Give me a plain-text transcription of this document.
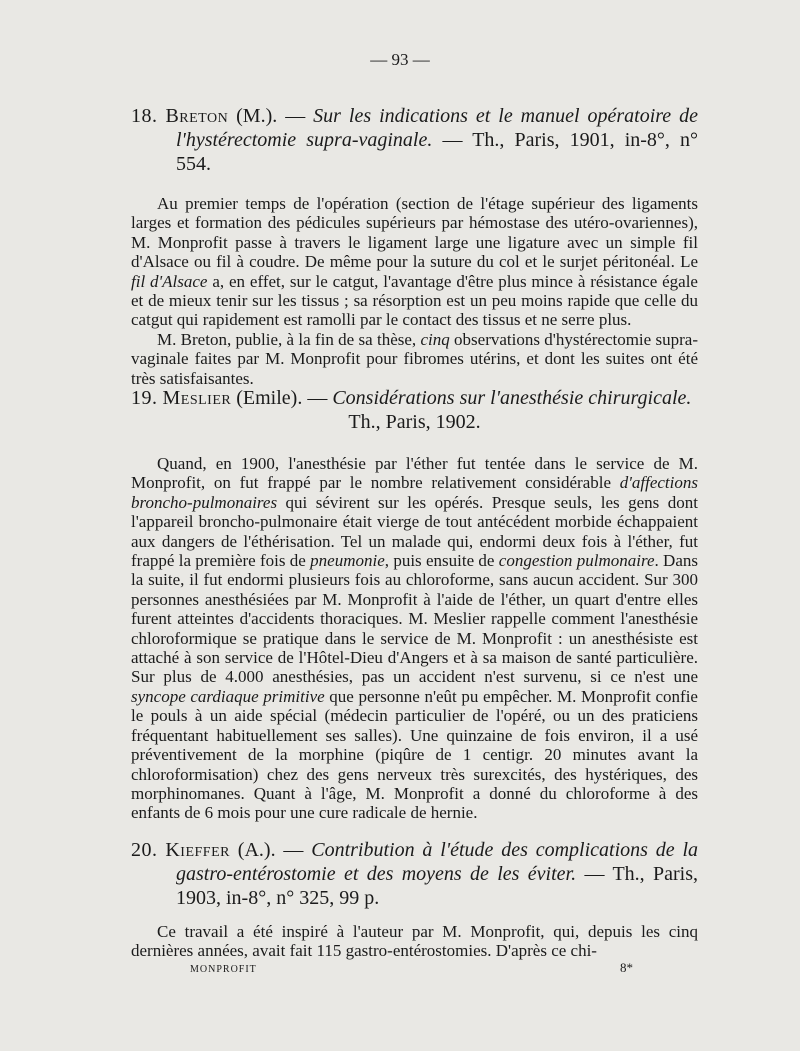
— 93 —
18. Breton (M.). — Sur les indications et le manuel opératoire de l'hystérectomie supra-vaginale. — Th., Paris, 1901, in-8°, n° 554.

Au premier temps de l'opération (section de l'étage supérieur des ligaments larges et formation des pédicules supérieurs par hémostase des utéro-ovariennes), M. Monprofit passe à travers le ligament large une ligature avec un simple fil d'Alsace ou fil à coudre. De même pour la suture du col et le surjet péritonéal. Le fil d'Alsace a, en effet, sur le catgut, l'avantage d'être plus mince à résistance égale et de mieux tenir sur les tissus ; sa résorption est un peu moins rapide que celle du catgut qui rapidement est ramolli par le contact des tissus et ne serre plus.

M. Breton, publie, à la fin de sa thèse, cinq observations d'hystérectomie supra-vaginale faites par M. Monprofit pour fibromes utérins, et dont les suites ont été très satisfaisantes.

19. Meslier (Emile). — Considérations sur l'anesthésie chirurgicale.
Th., Paris, 1902.

Quand, en 1900, l'anesthésie par l'éther fut tentée dans le service de M. Monprofit, on fut frappé par le nombre relativement considérable d'affections broncho-pulmonaires qui sévirent sur les opérés. Presque seuls, les gens dont l'appareil broncho-pulmonaire était vierge de tout antécédent morbide échappaient aux dangers de l'éthérisation. Tel un malade qui, endormi deux fois à l'éther, fut frappé la première fois de pneumonie, puis ensuite de congestion pulmonaire. Dans la suite, il fut endormi plusieurs fois au chloroforme, sans aucun accident. Sur 300 personnes anesthésiées par M. Monprofit à l'aide de l'éther, un quart d'entre elles furent atteintes d'accidents thoraciques. M. Meslier rappelle comment l'anesthésie chloroformique se pratique dans le service de M. Monprofit : un anesthésiste est attaché à son service de l'Hôtel-Dieu d'Angers et à sa maison de santé particulière. Sur plus de 4.000 anesthésies, pas un accident n'est survenu, si ce n'est une syncope cardiaque primitive que personne n'eût pu empêcher. M. Monprofit confie le pouls à un aide spécial (médecin particulier de l'opéré, ou un des praticiens fréquentant habituellement ses salles). Une quinzaine de fois environ, il a usé préventivement de la morphine (piqûre de 1 centigr. 20 minutes avant la chloroformisation) chez des gens nerveux très surexcités, des hystériques, des morphinomanes. Quant à l'âge, M. Monprofit a donné du chloroforme à des enfants de 6 mois pour une cure radicale de hernie.

20. Kieffer (A.). — Contribution à l'étude des complications de la gastro-entérostomie et des moyens de les éviter. — Th., Paris, 1903, in-8°, n° 325, 99 p.

Ce travail a été inspiré à l'auteur par M. Monprofit, qui, depuis les cinq dernières années, avait fait 115 gastro-entérostomies. D'après ce chi-

MONPROFIT	8*
